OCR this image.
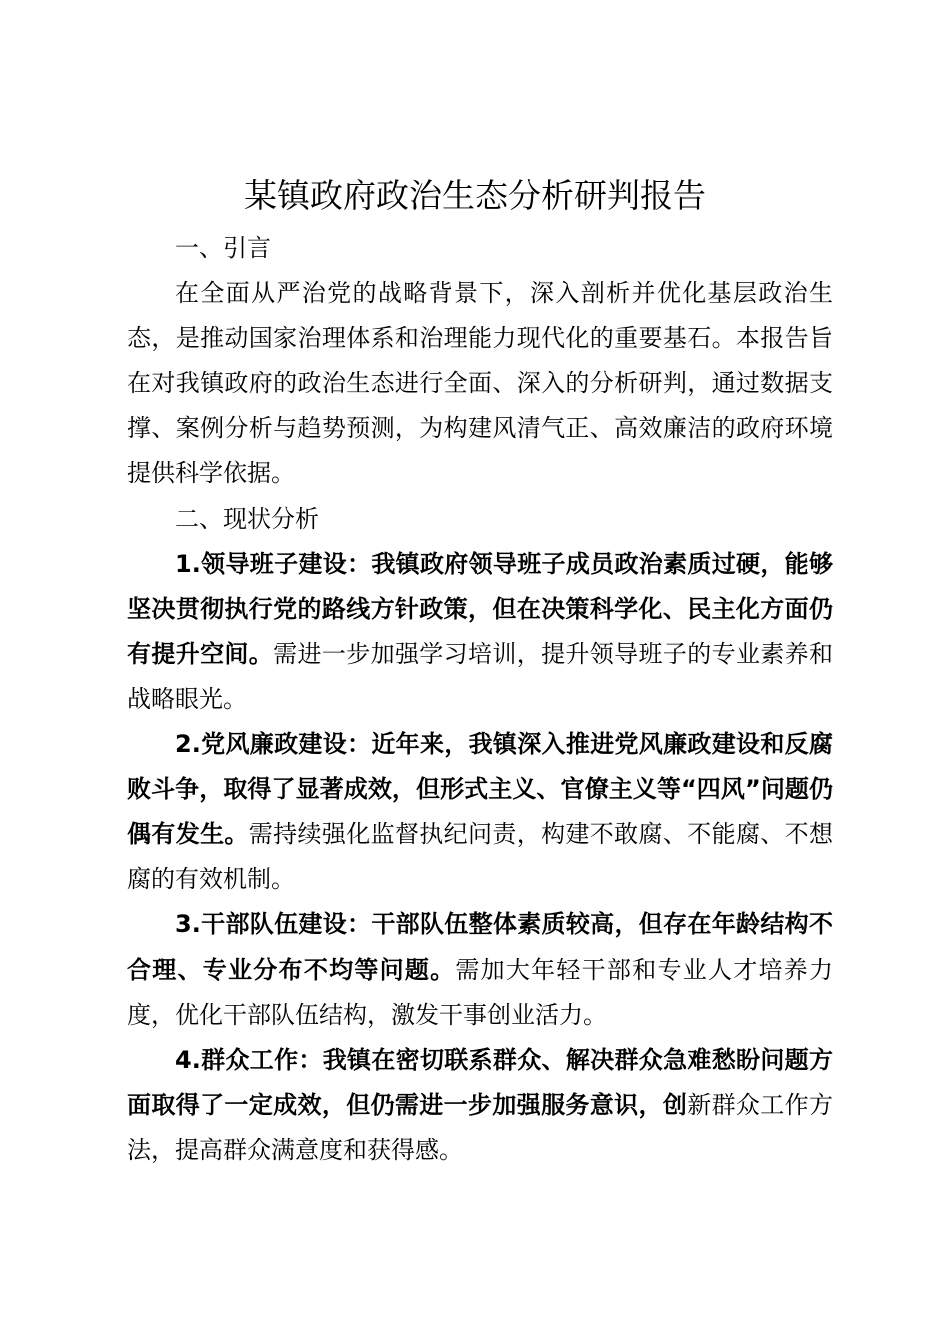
某镇政府政治生态分析研判报告

一、引言

在全面从严治党的战略背景下，深入剖析并优化基层政治生态，是推动国家治理体系和治理能力现代化的重要基石。本报告旨在对我镇政府的政治生态进行全面、深入的分析研判，通过数据支撑、案例分析与趋势预测，为构建风清气正、高效廉洁的政府环境提供科学依据。

二、现状分析

1.领导班子建设：我镇政府领导班子成员政治素质过硬，能够坚决贯彻执行党的路线方针政策，但在决策科学化、民主化方面仍有提升空间。需进一步加强学习培训，提升领导班子的专业素养和战略眼光。

2.党风廉政建设：近年来，我镇深入推进党风廉政建设和反腐败斗争，取得了显著成效，但形式主义、官僚主义等“四风”问题仍偶有发生。需持续强化监督执纪问责，构建不敢腐、不能腐、不想腐的有效机制。

3.干部队伍建设：干部队伍整体素质较高，但存在年龄结构不合理、专业分布不均等问题。需加大年轻干部和专业人才培养力度，优化干部队伍结构，激发干事创业活力。

4.群众工作：我镇在密切联系群众、解决群众急难愁盼问题方面取得了一定成效，但仍需进一步加强服务意识，创新群众工作方法，提高群众满意度和获得感。
